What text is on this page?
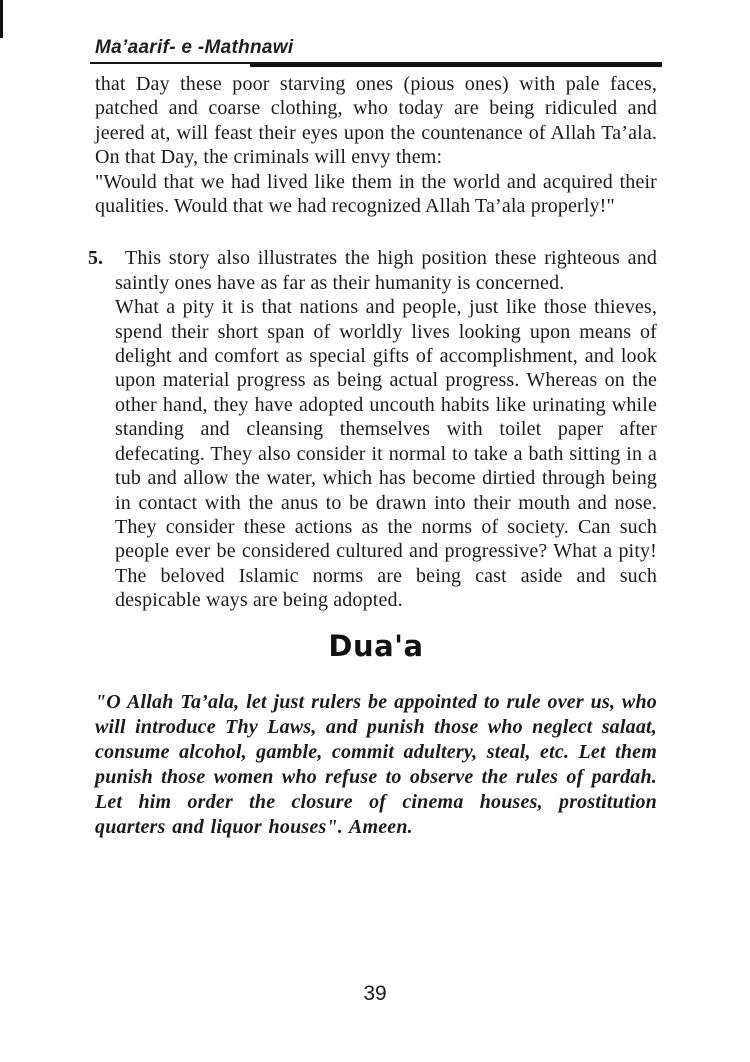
Ma’aarif- e -Mathnawi

that Day these poor starving ones (pious ones) with pale faces, patched and coarse clothing, who today are being ridiculed and jeered at, will feast their eyes upon the countenance of Allah Ta’ala. On that Day, the criminals will envy them:

"Would that we had lived like them in the world and acquired their qualities. Would that we had recognized Allah Ta’ala properly!"

5.	This story also illustrates the high position these righteous and saintly ones have as far as their humanity is concerned.

What a pity it is that nations and people, just like those thieves, spend their short span of worldly lives looking upon means of delight and comfort as special gifts of accomplishment, and look upon material progress as being actual progress. Whereas on the other hand, they have adopted uncouth habits like urinating while standing and cleansing themselves with toilet paper after defecating. They also consider it normal to take a bath sitting in a tub and allow the water, which has become dirtied through being in contact with the anus to be drawn into their mouth and nose. They consider these actions as the norms of society. Can such people ever be considered cultured and progressive? What a pity! The beloved Islamic norms are being cast aside and such despicable ways are being adopted.

Dua'a

"O Allah Ta’ala, let just rulers be appointed to rule over us, who will introduce Thy Laws, and punish those who neglect salaat, consume alcohol, gamble, commit adultery, steal, etc. Let them punish those women who refuse to observe the rules of pardah. Let him order the closure of cinema houses, prostitution quarters and liquor houses". Ameen.

39
